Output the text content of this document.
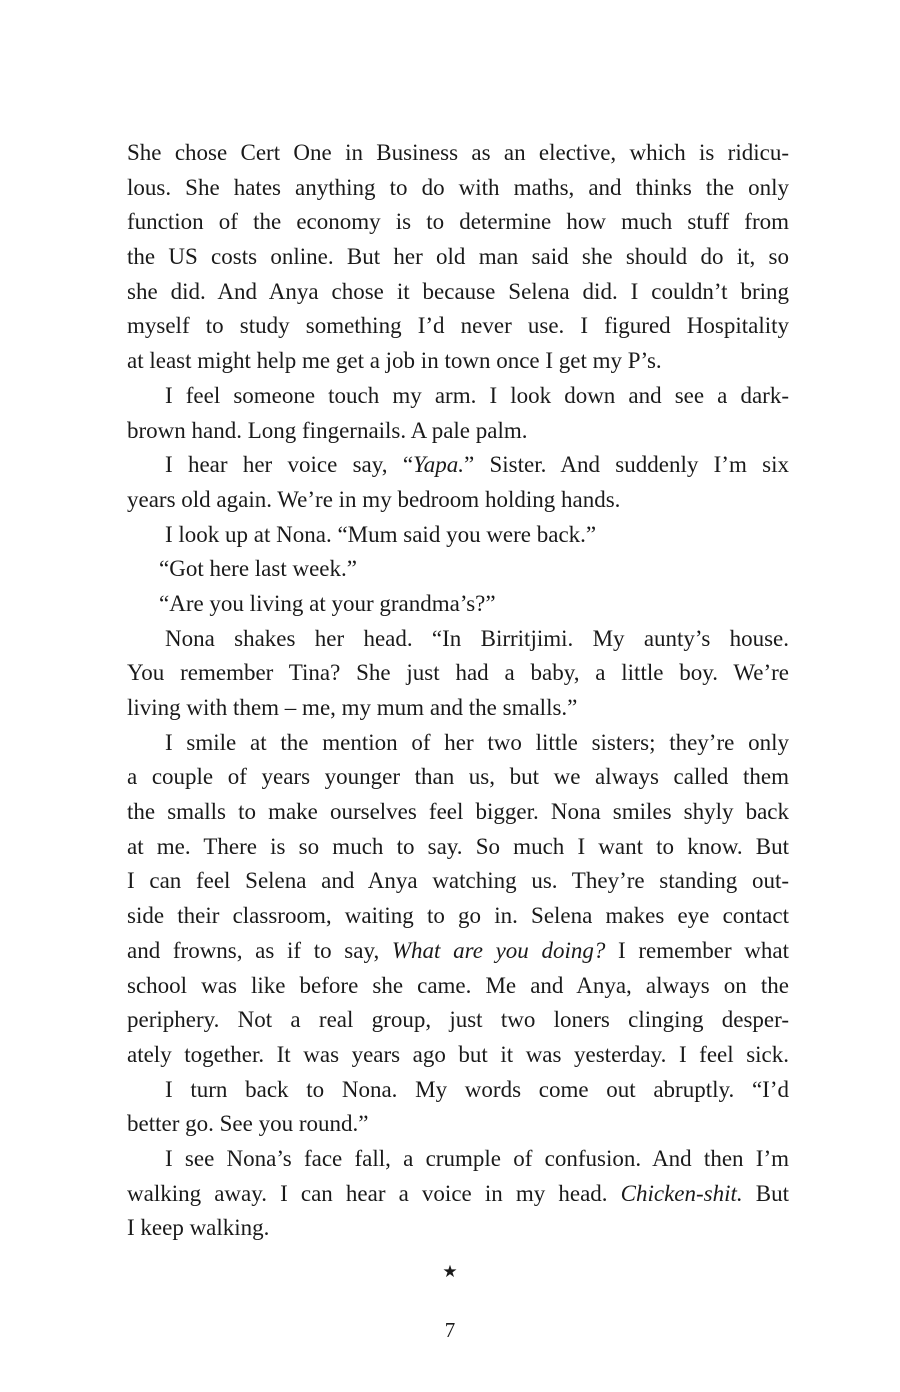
She chose Cert One in Business as an elective, which is ridicu-
lous. She hates anything to do with maths, and thinks the only
function of the economy is to determine how much stuff from
the US costs online. But her old man said she should do it, so
she did. And Anya chose it because Selena did. I couldn’t bring
myself to study something I’d never use. I figured Hospitality
at least might help me get a job in town once I get my P’s.
I feel someone touch my arm. I look down and see a dark-
brown hand. Long fingernails. A pale palm.
I hear her voice say, “Yapa.” Sister. And suddenly I’m six
years old again. We’re in my bedroom holding hands.
I look up at Nona. “Mum said you were back.”
“Got here last week.”
“Are you living at your grandma’s?”
Nona shakes her head. “In Birritjimi. My aunty’s house.
You remember Tina? She just had a baby, a little boy. We’re
living with them – me, my mum and the smalls.”
I smile at the mention of her two little sisters; they’re only
a couple of years younger than us, but we always called them
the smalls to make ourselves feel bigger. Nona smiles shyly back
at me. There is so much to say. So much I want to know. But
I can feel Selena and Anya watching us. They’re standing out-
side their classroom, waiting to go in. Selena makes eye contact
and frowns, as if to say, What are you doing? I remember what
school was like before she came. Me and Anya, always on the
periphery. Not a real group, just two loners clinging desper-
ately together. It was years ago but it was yesterday. I feel sick.
I turn back to Nona. My words come out abruptly. “I’d
better go. See you round.”
I see Nona’s face fall, a crumple of confusion. And then I’m
walking away. I can hear a voice in my head. Chicken-shit. But
I keep walking.
★
7
